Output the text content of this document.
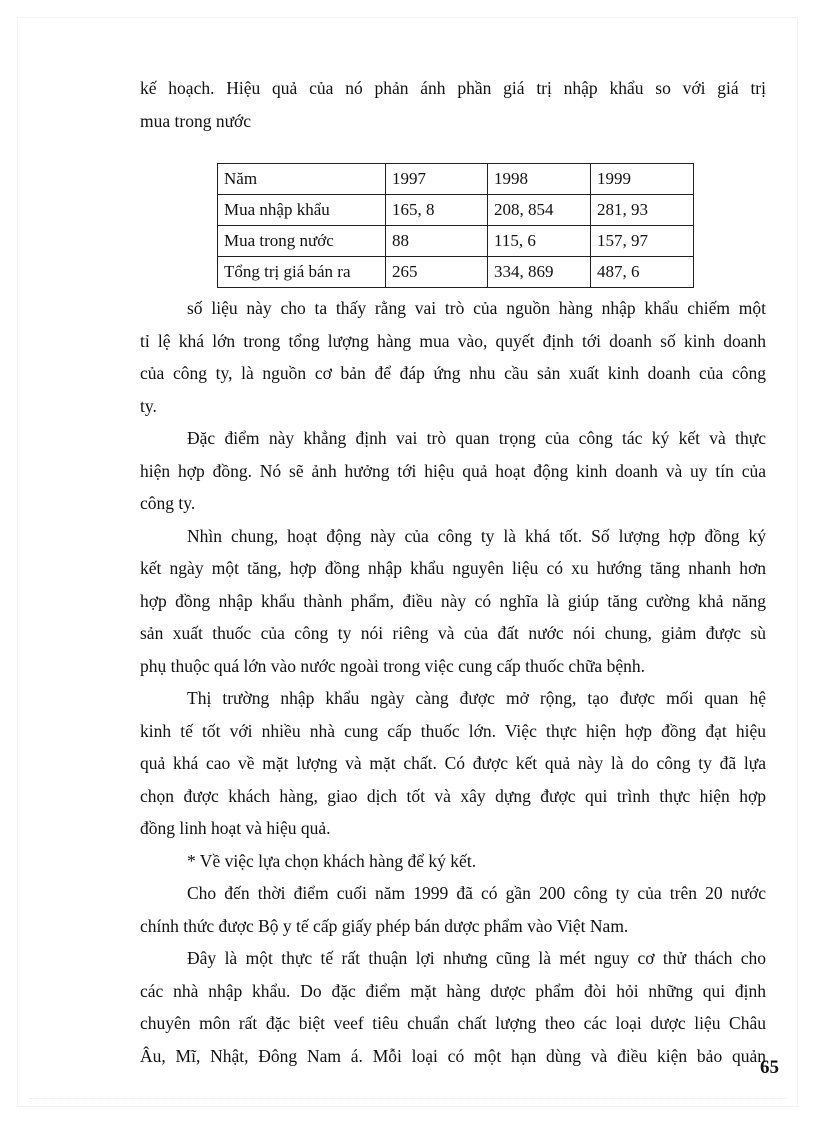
kế hoạch. Hiệu quả của nó phản ánh phần giá trị nhập khẩu so với giá trị
mua trong nước
Năm	1997	1998	1999
Mua nhập khẩu	165, 8	208, 854	281, 93
Mua trong nước	88	115, 6	157, 97
Tổng trị giá bán ra	265	334, 869	487, 6
số liệu này cho ta thấy rằng vai trò của nguồn hàng nhập khẩu chiếm một
tỉ lệ khá lớn trong tổng lượng hàng mua vào, quyết định tới doanh số kinh doanh
của công ty, là nguồn cơ bản để đáp ứng nhu cầu sản xuất kinh doanh của công
ty.
Đặc điểm này khẳng định vai trò quan trọng của công tác ký kết và thực
hiện hợp đồng. Nó sẽ ảnh hưởng tới hiệu quả hoạt động kinh doanh và uy tín của
công ty.
Nhìn chung, hoạt động này của công ty là khá tốt. Số lượng hợp đồng ký
kết ngày một tăng, hợp đồng nhập khẩu nguyên liệu có xu hướng tăng nhanh hơn
hợp đồng nhập khẩu thành phẩm, điều này có nghĩa là giúp tăng cường khả năng
sản xuất thuốc của công ty nói riêng và của đất nước nói chung, giảm được sù
phụ thuộc quá lớn vào nước ngoài trong việc cung cấp thuốc chữa bệnh.
Thị trường nhập khẩu ngày càng được mở rộng, tạo được mối quan hệ
kinh tế tốt với nhiều nhà cung cấp thuốc lớn. Việc thực hiện hợp đồng đạt hiệu
quả khá cao về mặt lượng và mặt chất. Có được kết quả này là do công ty đã lựa
chọn được khách hàng, giao dịch tốt và xây dựng được qui trình thực hiện hợp
đồng linh hoạt và hiệu quả.
* Về việc lựa chọn khách hàng để ký kết.
Cho đến thời điểm cuối năm 1999 đã có gần 200 công ty của trên 20 nước
chính thức được Bộ y tế cấp giấy phép bán dược phẩm vào Việt Nam.
Đây là một thực tế rất thuận lợi nhưng cũng là mét nguy cơ thử thách cho
các nhà nhập khẩu. Do đặc điểm mặt hàng dược phẩm đòi hỏi những qui định
chuyên môn rất đặc biệt veef tiêu chuẩn chất lượng theo các loại dược liệu Châu
Âu, Mĩ, Nhật, Đông Nam á. Mỗi loại có một hạn dùng và điều kiện bảo quản
65
